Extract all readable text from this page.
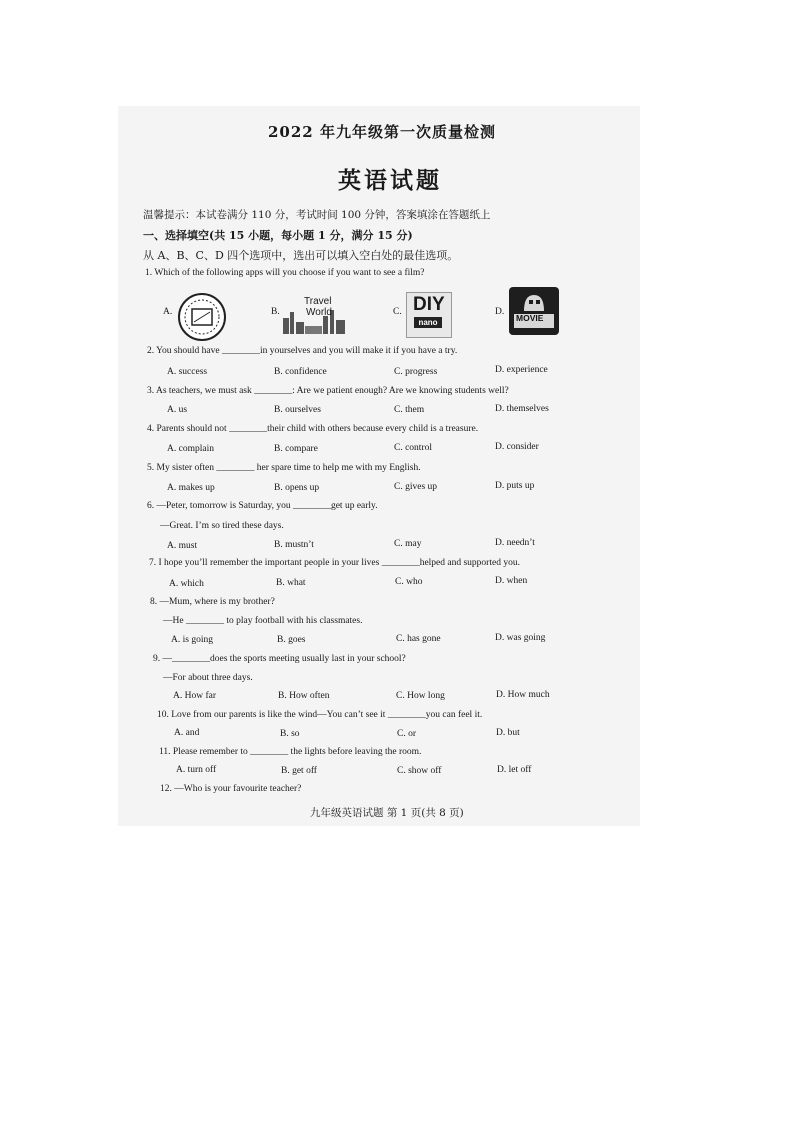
2022 年九年级第一次质量检测
英语试题
温馨提示：本试卷满分 110 分，考试时间 100 分钟，答案填涂在答题纸上
一、选择填空(共 15 小题，每小题 1 分，满分 15 分)
从 A、B、C、D 四个选项中，选出可以填入空白处的最佳选项。
1. Which of the following apps will you choose if you want to see a film?
A.	B.
Travel
World	C. DIY
nano
D.
MOVIE
2. You should have ________in yourselves and you will make it if you have a try.
A. success	B. confidence	C. progress	D. experience
3. As teachers, we must ask ________: Are we patient enough? Are we knowing students well?
A. us	B. ourselves	C. them	D. themselves
4. Parents should not ________their child with others because every child is a treasure.
A. complain	B. compare	C. control	D. consider
5. My sister often ________ her spare time to help me with my English.
A. makes up	B. opens up	C. gives up	D. puts up
6. —Peter, tomorrow is Saturday, you ________get up early.
—Great. I’m so tired these days.
A. must	B. mustn’t	C. may	D. needn’t
7. I hope you’ll remember the important people in your lives ________helped and supported you.
A. which	B. what	C. who	D. when
8. —Mum, where is my brother?
—He ________ to play football with his classmates.
A. is going	B. goes	C. has gone	D. was going
9. —________does the sports meeting usually last in your school?
—For about three days.
A. How far	B. How often	C. How long	D. How much
10. Love from our parents is like the wind—You can’t see it ________you can feel it.
A. and	B. so	C. or	D. but
11. Please remember to ________ the lights before leaving the room.
A. turn off	B. get off	C. show off	D. let off
12. —Who is your favourite teacher?
九年级英语试题 第 1 页(共 8 页)
